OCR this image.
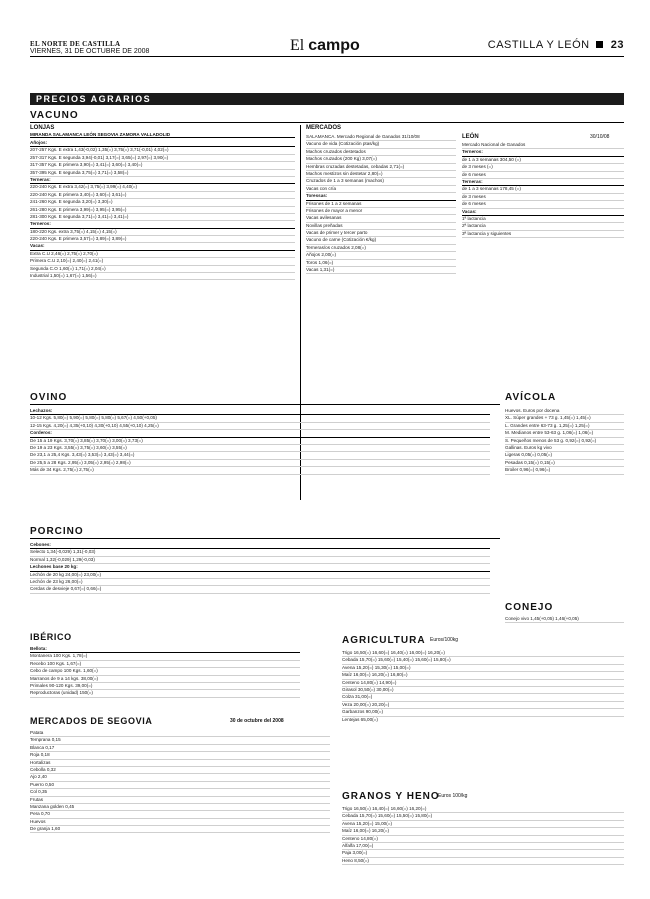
EL NORTE DE CASTILLA
VIERNES, 31 DE OCTUBRE DE 2008	El campo	CASTILLA Y LEÓN 23
PRECIOS AGRARIOS
VACUNO
LONJAS
MIRANDA SALAMANCA LEÓN SEGOVIA ZAMORA VALLADOLID
Añojos:
207-257 Kgs. E extra 1,43(-0,02) 1,35(=) 3,75(=) 3,71(-0,01) 4,02(=)
257-317 Kgs. E segunda 3,94(-0,01) 3,17(=) 3,65(=) 2,97(=) 3,90(=)
317-357 Kgs. E primera 3,90(=) 3,41(=) 3,60(=) 3,40(=)
357-395 Kgs. E segunda 3,75(=) 3,71(=) 3,58(=)
Terneras:
220-240 Kgs. E extra 3,42(=) 3,75(=) 3,99(=) 4,40(=)
220-240 Kgs. E primera 3,40(=) 3,60(=) 3,61(=)
241-260 Kgs. E segunda 3,20(=) 3,30(=)
261-280 Kgs. E primera 3,99(=) 3,95(=) 3,95(=)
281-300 Kgs. E segunda 3,71(=) 3,41(=) 3,41(=)
Terneros:
180-220 Kgs. extra 3,75(=) 4,15(=) 4,15(=)
220-240 Kgs. E primera 3,57(=) 3,89(=) 3,89(=)
Vacas:
Extra C.U 2,46(=) 2,75(=) 2,70(=)
Primera C.U 2,10(=) 2,40(=) 2,41(=)
Segunda C.O 1,60(=) 1,71(=) 2,04(=)
Industrial 1,50(=) 1,67(=) 1,56(=)
MERCADOS
SALAMANCA. Mercado Regional de Ganados 31/10/08
Vacuno de vida (Cotización ptas/kg)
Machos cruzados destetados
Machos cruzados (200 Kg) 3,07(=)
Hembras cruzadas destetadas, cebadas 2,71(=)
Machos mestizos sin destetar 2,80(=)
Cruzados de 1 a 3 semanas (machos)
Vacas con cría
Toressas:
Frisones de 1 a 2 semanas
Frisones de mayor a menor
Vacas avilesanas
Novillas preñadas
Vacas de primer y tercer parto
Vacuno de carne (Cotización €/kg)
Terneras/os cruzados 2,08(=)
Añojos 2,00(=)
Toros 1,06(=)
Vacas 1,31(=)
LEÓN	30/10/08
Mercado Nacional de Ganados
Terneros:
de 1 a 3 semanas 304,50 (=)
de 3 meses (=)
de 6 meses
Terneras:
de 1 a 3 semanas 178,45 (=)
de 3 meses
de 6 meses
Vacas:
1ª lactancia
2ª lactancia
3ª lactancia y siguientes
OVINO
Lechazos:
10-12 Kgs. 5,80(=) 5,90(=) 5,80(=) 5,80(=) 5,67(=) 4,50(+0,05)
12-15 Kgs. 4,20(=) 4,35(+0,10) 4,30(+0,10) 4,55(+0,10) 4,25(=)
Corderos:
De 15 a 19 Kgs. 3,70(=) 3,85(=) 3,70(=) 3,00(=) 3,73(=)
De 19 a 23 Kgs. 3,55(=) 3,75(=) 3,60(=) 3,55(=)
De 23,1 a 25,4 Kgs. 3,43(=) 3,53(=) 3,43(=) 3,44(=)
De 25,5 a 28 Kgs. 2,95(=) 3,05(=) 2,95(=) 2,98(=)
Más de 34 Kgs. 2,75(=) 2,75(=)
AVÍCOLA
Huevos. Euros por docena
XL. Súper grandes + 73 g. 1,45(=) 1,45(=)
L. Grandes entre 63-73 g. 1,25(=) 1,25(=)
M. Medianos entre 53-63 g. 1,06(=) 1,06(=)
S. Pequeños menos de 53 g. 0,92(=) 0,92(=)
Gallinas. Euros kg vivo
Ligeras 0,05(=) 0,05(=)
Pesadas 0,15(=) 0,15(=)
Broiler 0,96(=) 0,96(=)
PORCINO
Cebones:
Selecto 1,34(-0,029) 1,31(-0,03)
Normal 1,32(-0,029) 1,29(-0,03)
Lechones base 20 kg:
Lechón de 20 kg 24,00(=) 23,00(=)
Lechón de 23 kg 26,00(=)
Cerdas de desvieje 0,67(=) 0,66(=)
CONEJO
Conejo vivo 1,45(+0,05) 1,46(+0,05)
IBÉRICO
Bellota:
Montanera 100 Kgs. 1,78(=)
Recebo 100 Kgs. 1,67(=)
Cebo de campo 100 Kgs. 1,60(=)
Marranos de 9 a 14 kgs. 38,00(=)
Primales 90-120 Kgs. 39,00(=)
Reproductoras (unidad) 150(=)
AGRICULTURA Euros/100kg
Trigo 16,50(=) 16,60(=) 16,40(=) 16,00(=) 16,20(=)
Cebada 15,70(=) 15,60(=) 15,40(=) 15,60(=) 15,80(=)
Avena 15,20(=) 15,30(=) 15,00(=)
Maíz 16,00(=) 16,20(=) 16,80(=)
Centeno 14,80(=) 14,90(=)
Girasol 30,50(=) 30,00(=)
Colza 31,00(=)
Veza 20,00(=) 20,20(=)
Garbanzos 90,00(=)
Lentejas 65,00(=)
MERCADOS DE SEGOVIA	30 de octubre del 2008
Patata
Temprana 0,15
Blanca 0,17
Roja 0,18
Hortalizas
Cebolla 0,32
Ajo 2,40
Puerro 0,50
Col 0,35
Frutas
Manzana golden 0,45
Pera 0,70
Huevos
De granja 1,60
GRANOS Y HENO
Euros 100/kg
Trigo 16,50(=) 16,40(=) 16,60(=) 16,20(=)
Cebada 15,70(=) 15,60(=) 15,50(=) 15,80(=)
Avena 15,20(=) 15,00(=)
Maíz 16,00(=) 16,20(=)
Centeno 14,80(=)
Alfalfa 17,00(=)
Paja 3,00(=)
Heno 8,50(=)
